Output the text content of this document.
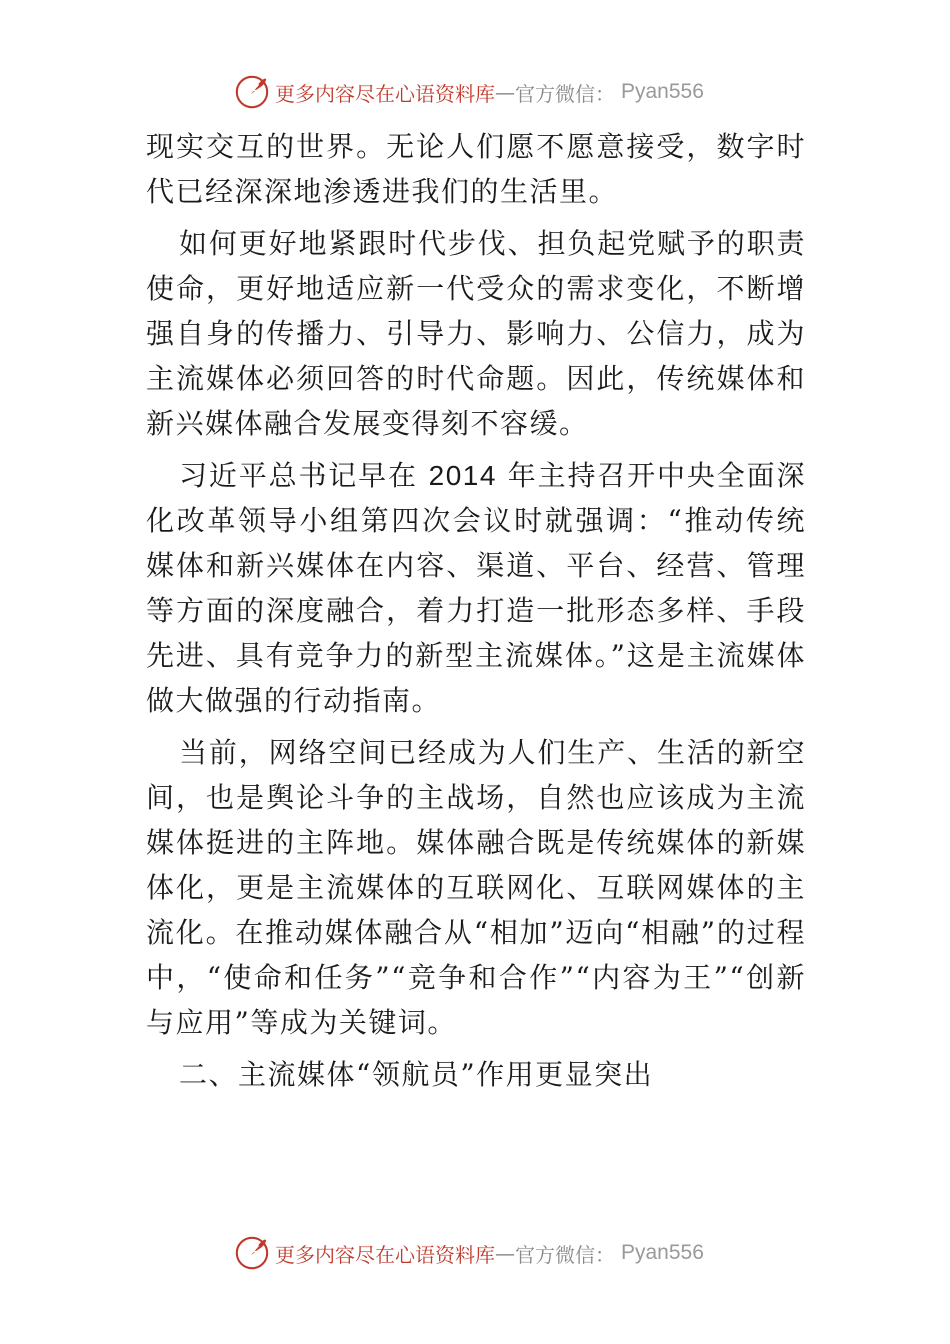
更多内容尽在心语资料库 — 官方微信： Pyan556

现实交互的世界。无论人们愿不愿意接受，数字时代已经深深地渗透进我们的生活里。

如何更好地紧跟时代步伐、担负起党赋予的职责使命，更好地适应新一代受众的需求变化，不断增强自身的传播力、引导力、影响力、公信力，成为主流媒体必须回答的时代命题。因此，传统媒体和新兴媒体融合发展变得刻不容缓。

习近平总书记早在 2014 年主持召开中央全面深化改革领导小组第四次会议时就强调：“推动传统媒体和新兴媒体在内容、渠道、平台、经营、管理等方面的深度融合，着力打造一批形态多样、手段先进、具有竞争力的新型主流媒体。”这是主流媒体做大做强的行动指南。

当前，网络空间已经成为人们生产、生活的新空间，也是舆论斗争的主战场，自然也应该成为主流媒体挺进的主阵地。媒体融合既是传统媒体的新媒体化，更是主流媒体的互联网化、互联网媒体的主流化。在推动媒体融合从“相加”迈向“相融”的过程中，“使命和任务”“竞争和合作”“内容为王”“创新与应用”等成为关键词。

二、主流媒体“领航员”作用更显突出

更多内容尽在心语资料库 — 官方微信： Pyan556
